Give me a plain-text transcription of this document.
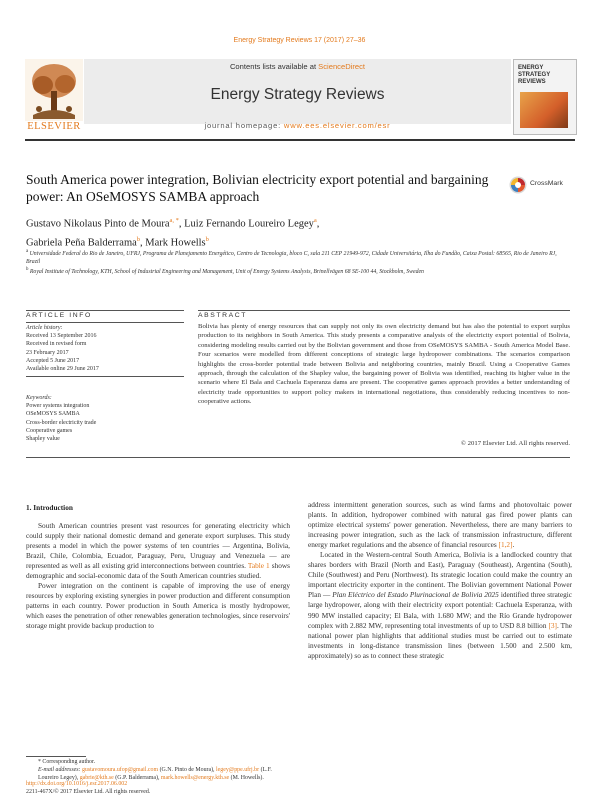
Energy Strategy Reviews 17 (2017) 27–36
Contents lists available at ScienceDirect
Energy Strategy Reviews
journal homepage: www.ees.elsevier.com/esr
ELSEVIER
ENERGY
STRATEGY
REVIEWS
South America power integration, Bolivian electricity export potential and bargaining power: An OSeMOSYS SAMBA approach
CrossMark
Gustavo Nikolaus Pinto de Moura$^{a, *}$, Luiz Fernando Loureiro Legey$^a$,
Gabriela Peña Balderrama$^b$, Mark Howells$^b$
$^a$ Universidade Federal do Rio de Janeiro, UFRJ, Programa de Planejamento Energético, Centro de Tecnologia, bloco C, sala 211 CEP 21949-972, Cidade Universitária, Ilha do Fundão, Caixa Postal: 68565, Rio de Janeiro RJ, Brazil
$^b$ Royal Institute of Technology, KTH, School of Industrial Engineering and Management, Unit of Energy Systems Analysis, Brinellvägen 68 SE-100 44, Stockholm, Sweden
ARTICLE INFO	ABSTRACT
Article history:
Received 13 September 2016
Received in revised form
23 February 2017
Accepted 5 June 2017
Available online 29 June 2017
Keywords:
Power systems integration
OSeMOSYS SAMBA
Cross-border electricity trade
Cooperative games
Shapley value
Bolivia has plenty of energy resources that can supply not only its own electricity demand but has also the potential to export surplus production to its neighbors in South America. This study presents a comparative analysis of the electricity export potential of Bolivia, considering modeling results carried out by the Bolivian government and those from OSeMOSYS SAMBA - South America Model Base. Four scenarios were modelled from different conceptions of strategic large hydropower combinations. The scenarios comparison highlights the cross-border potential trade between Bolivia and neighboring countries, mainly Brazil. Using a Cooperative Games approach, through the calculation of the Shapley value, the bargaining power of Bolivia was identified, reaching its higher value in the scenario where El Bala and Cachuela Esperanza dams are present. The cooperative games approach provides a better understanding of electricity trade opportunities to support policy makers in international negotiations, thus considerably reducing incentives to non-cooperative actions.
© 2017 Elsevier Ltd. All rights reserved.
1. Introduction

South American countries present vast resources for generating electricity which could supply their national domestic demand and generate export surpluses. This study presents a model in which the power systems of ten countries — Argentina, Bolivia, Brazil, Chile, Colombia, Ecuador, Paraguay, Peru, Uruguay and Venezuela — are represented as well as all existing grid interconnections between countries. Table 1 shows demographic and social-economic data of the South American countries studied.

Power integration on the continent is capable of improving the use of energy resources by exploring existing synergies in power production and different consumption patterns in each country. Power production in South America is mostly hydropower, which eases the penetration of other renewables generation technologies, since reservoirs' storage might provide backup production to

address intermittent generation sources, such as wind farms and photovoltaic power plants. In addition, hydropower combined with natural gas fired power plants can optimize electrical systems' power generation. Nevertheless, there are many barriers to increasing power integration, such as the lack of transmission infrastructure, different energy market regulations and the absence of financial resources [1,2].

Located in the Western-central South America, Bolivia is a landlocked country that shares borders with Brazil (North and East), Paraguay (Southeast), Argentina (South), Chile (Southwest) and Peru (Northwest). Its strategic location could make the country an important electricity exporter in the continent. The Bolivian government National Power Plan — Plan Eléctrico del Estado Plurinacional de Bolivia 2025 identified three strategic large hydropower, along with their electricity export potential: Cachuela Esperanza, with 990 MW installed capacity; El Bala, with 1.680 MW; and the Río Grande hydropower complex with 2.882 MW, representing total investments of up to USD 8.8 billion [3]. The national power plan highlights that additional studies must be carried out to estimate investments in long-distance transmission lines (between 1.500 and 2.500 km, approximately) so as to connect these strategic

* Corresponding author.
E-mail addresses: gustavomoura.ufop@gmail.com (G.N. Pinto de Moura), legey@ppe.ufrj.br (L.F. Loureiro Legey), gabrie@kth.se (G.P. Balderrama), mark.howells@energy.kth.se (M. Howells).
http://dx.doi.org/10.1016/j.esr.2017.06.002
2211-467X/© 2017 Elsevier Ltd. All rights reserved.
